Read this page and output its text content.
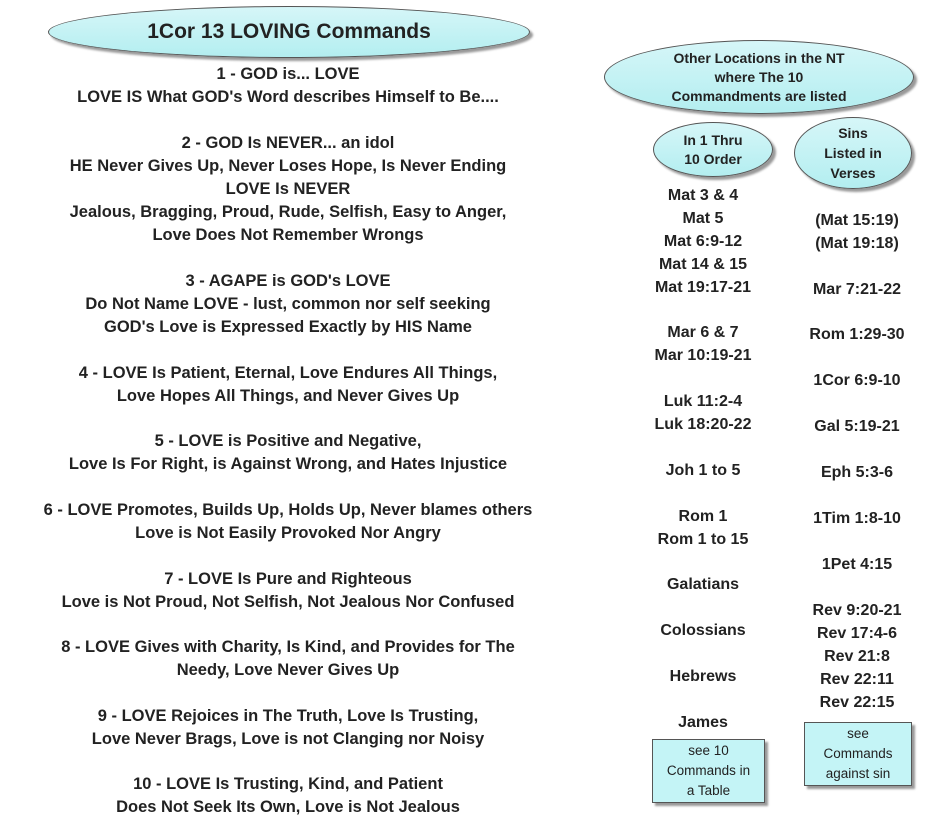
1Cor 13 LOVING Commands
1 - GOD is... LOVE
LOVE IS What GOD's Word describes Himself to Be....
2 - GOD Is NEVER... an idol
HE Never Gives Up, Never Loses Hope, Is Never Ending
LOVE Is NEVER
Jealous, Bragging, Proud, Rude, Selfish, Easy to Anger,
Love Does Not Remember Wrongs
3 - AGAPE is GOD's LOVE
Do Not Name LOVE - lust, common nor self seeking
GOD's Love is Expressed Exactly by HIS Name
4 - LOVE Is Patient, Eternal, Love Endures All Things,
Love Hopes All Things, and Never Gives Up
5 - LOVE is Positive and Negative,
Love Is For Right, is Against Wrong, and Hates Injustice
6 - LOVE Promotes, Builds Up, Holds Up, Never blames others
Love is Not Easily Provoked Nor Angry
7 - LOVE Is Pure and Righteous
Love is Not Proud, Not Selfish, Not Jealous Nor Confused
8 - LOVE Gives with Charity, Is Kind, and Provides for The
Needy, Love Never Gives Up
9 - LOVE Rejoices in The Truth, Love Is Trusting,
Love Never Brags, Love is not Clanging nor Noisy
10 - LOVE Is Trusting, Kind, and Patient
Does Not Seek Its Own, Love is Not Jealous
Other Locations in the NT
where The 10
Commandments are listed
In 1 Thru
10 Order
Sins
Listed in
Verses
Mat 3 & 4
Mat 5
Mat 6:9-12
Mat 14 & 15
Mat 19:17-21
Mar 6 & 7
Mar 10:19-21
Luk 11:2-4
Luk 18:20-22
Joh 1 to 5
Rom 1
Rom 1 to 15
Galatians
Colossians
Hebrews
James
(Mat 15:19)
(Mat 19:18)
Mar 7:21-22
Rom 1:29-30
1Cor 6:9-10
Gal 5:19-21
Eph 5:3-6
1Tim 1:8-10
1Pet 4:15
Rev 9:20-21
Rev 17:4-6
Rev 21:8
Rev 22:11
Rev 22:15
see 10
Commands in
a Table
see
Commands
against sin
